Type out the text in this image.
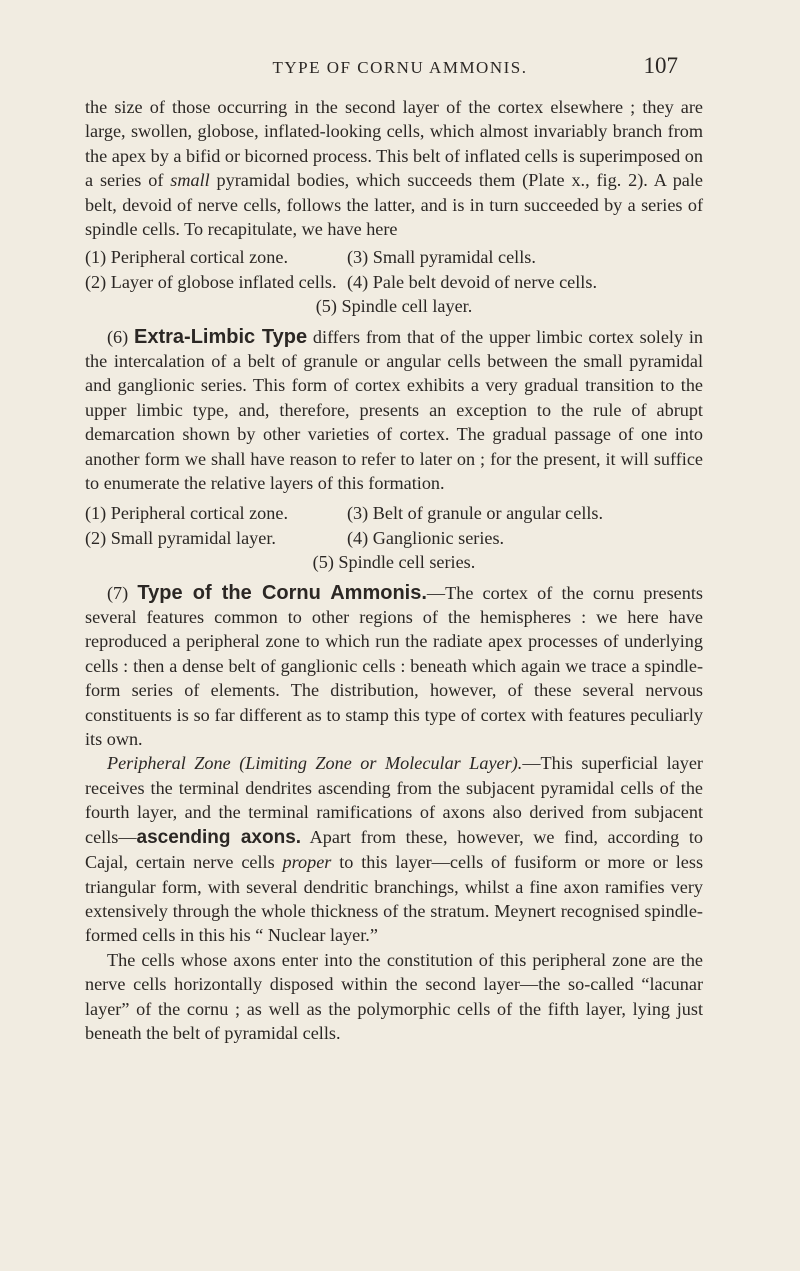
TYPE OF CORNU AMMONIS.	107

the size of those occurring in the second layer of the cortex elsewhere ; they are large, swollen, globose, inflated-looking cells, which almost invariably branch from the apex by a bifid or bicorned process. This belt of inflated cells is superimposed on a series of small pyramidal bodies, which succeeds them (Plate x., fig. 2). A pale belt, devoid of nerve cells, follows the latter, and is in turn succeeded by a series of spindle cells. To recapitulate, we have here

(1) Peripheral cortical zone.	(3) Small pyramidal cells.
(2) Layer of globose inflated cells. (4) Pale belt devoid of nerve cells.
(5) Spindle cell layer.

(6) Extra-Limbic Type differs from that of the upper limbic cortex solely in the intercalation of a belt of granule or angular cells between the small pyramidal and ganglionic series. This form of cortex exhibits a very gradual transition to the upper limbic type, and, therefore, presents an exception to the rule of abrupt demarcation shown by other varieties of cortex. The gradual passage of one into another form we shall have reason to refer to later on ; for the present, it will suffice to enumerate the relative layers of this formation.

(1) Peripheral cortical zone.	(3) Belt of granule or angular cells.
(2) Small pyramidal layer.	(4) Ganglionic series.
(5) Spindle cell series.

(7) Type of the Cornu Ammonis.—The cortex of the cornu presents several features common to other regions of the hemispheres : we here have reproduced a peripheral zone to which run the radiate apex processes of underlying cells : then a dense belt of ganglionic cells : beneath which again we trace a spindle-form series of elements. The distribution, however, of these several nervous constituents is so far different as to stamp this type of cortex with features peculiarly its own.

Peripheral Zone (Limiting Zone or Molecular Layer).—This superficial layer receives the terminal dendrites ascending from the subjacent pyramidal cells of the fourth layer, and the terminal ramifications of axons also derived from subjacent cells—ascending axons. Apart from these, however, we find, according to Cajal, certain nerve cells proper to this layer—cells of fusiform or more or less triangular form, with several dendritic branchings, whilst a fine axon ramifies very extensively through the whole thickness of the stratum. Meynert recognised spindle-formed cells in this his “ Nuclear layer.”

The cells whose axons enter into the constitution of this peripheral zone are the nerve cells horizontally disposed within the second layer—the so-called “lacunar layer” of the cornu ; as well as the polymorphic cells of the fifth layer, lying just beneath the belt of pyramidal cells.
